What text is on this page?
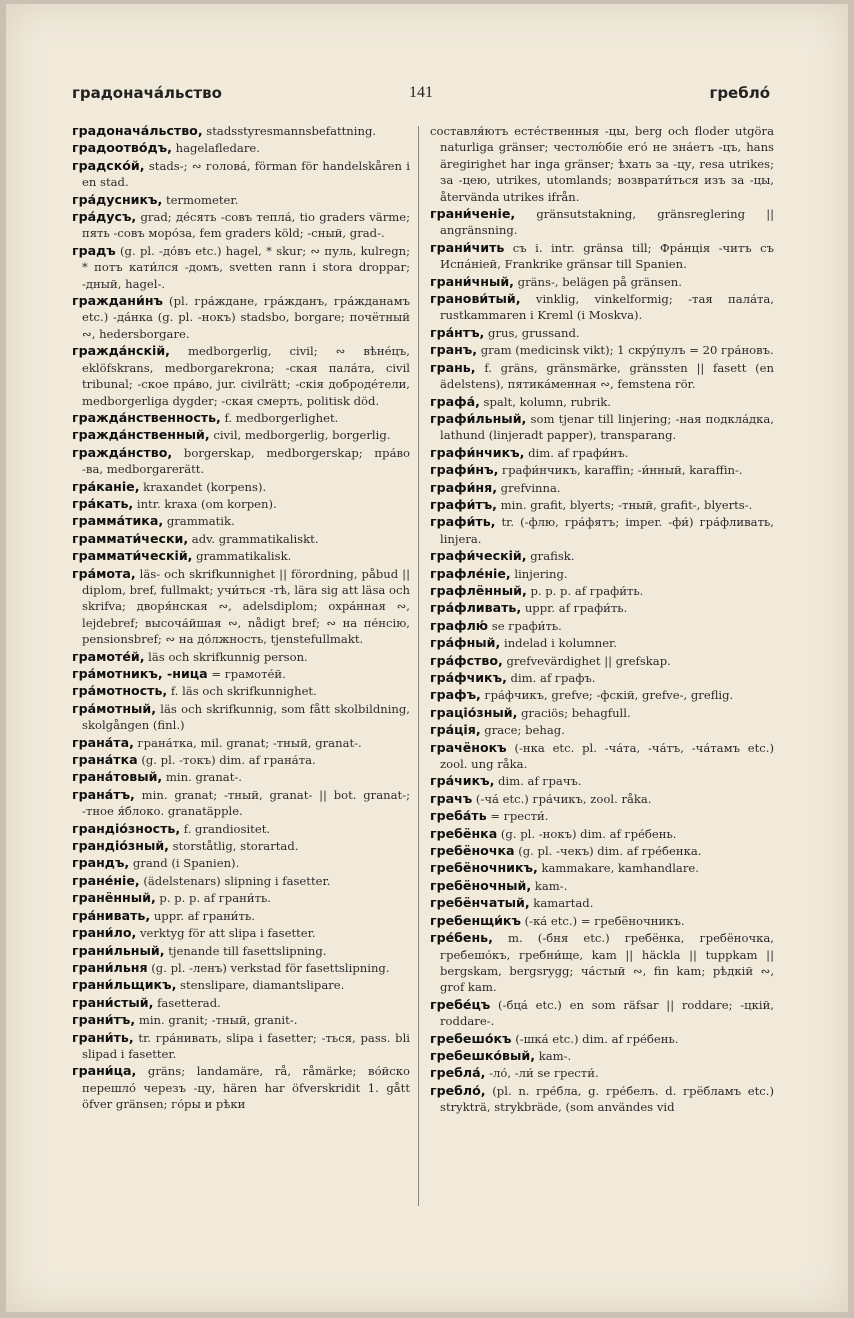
градонача́льство	141	гребло́
градонача́льство, stadsstyresmannsbefattning.
градоотво́дъ, hagelafledare.
градско́й, stads-; ∾ голова́, förman för handelskåren i en stad.
гра́дусникъ, termometer.
гра́дусъ, grad; де́сять -совъ тепла́, tio graders värme; пять -совъ моро́за, fem graders köld; -сный, grad-.
градъ (g. pl. -до́въ etc.) hagel, * skur; ∾ пуль, kulregn; * потъ кати́лся -домъ, svetten rann i stora droppar; -дный, hagel-.
граждани́нъ (pl. гра́ждане, гра́жданъ, гра́жданамъ etc.) -да́нка (g. pl. -нокъ) stadsbo, borgare; почётный ∾, hedersborgare.
гражда́нскій, medborgerlig, civil; ∾ вѣне́цъ, eklöfskrans, medborgarekrona; -ская пала́та, civil tribunal; -ское пра́во, jur. civilrätt; -скія доброде́тели, medborgerliga dygder; -ская смерть, politisk död.
гражда́нственность, f. medborgerlighet.
гражда́нственный, civil, medborgerlig, borgerlig.
гражда́нство, borgerskap, medborgerskap; пра́во -ва, medborgarerätt.
гра́каніе, kraxandet (korpens).
гра́кать, intr. kraxa (om korpen).
грамма́тика, grammatik.
граммати́чески, adv. grammatikaliskt.
граммати́ческій, grammatikalisk.
гра́мота, läs- och skrifkunnighet || förordning, påbud || diplom, bref, fullmakt; учи́ться -тѣ, lära sig att läsa och skrifva; дворя́нская ∾, adelsdiplom; охра́нная ∾, lejdebref; высоча́йшая ∾, nådigt bref; ∾ на пе́нсію, pensionsbref; ∾ на до́лжность, tjenstefullmakt.
грамоте́й, läs och skrifkunnig person.
гра́мотникъ, -ница = грамоте́й.
гра́мотность, f. läs och skrifkunnighet.
гра́мотный, läs och skrifkunnig, som fått skolbildning, skolgången (finl.)
грана́та, грана́тка, mil. granat; -тный, granat-.
грана́тка (g. pl. -токъ) dim. af грана́та.
грана́товый, min. granat-.
грана́тъ, min. granat; -тный, granat- || bot. granat-; -тное я́блоко. granatäpple.
грандіо́зность, f. grandiositet.
грандіо́зный, storståtlig, storartad.
грандъ, grand (i Spanien).
гране́ніе, (ädelstenars) slipning i fasetter.
гранённый, p. p. p. af грани́ть.
гра́нивать, uppr. af грани́ть.
грани́ло, verktyg för att slipa i fasetter.
грани́льный, tjenande till fasettslipning.
грани́льня (g. pl. -ленъ) verkstad för fasettslipning.
грани́льщикъ, stenslipare, diamantslipare.
грани́стый, fasetterad.
грани́тъ, min. granit; -тный, granit-.
грани́ть, tr. гра́нивать, slipa i fasetter; -ться, pass. bli slipad i fasetter.
грани́ца, gräns; landamäre, rå, råmärke; во́йско перешло́ черезъ -цу, hären har öfverskridit 1. gått öfver gränsen; го́ры и рѣки
составля́ютъ есте́ственныя -цы, berg och floder utgöra naturliga gränser; честолю́біе его́ не зна́етъ -цъ, hans äregirighet har inga gränser; ѣхать за -цу, resa utrikes; за -цею, utrikes, utomlands; возврати́ться изъ за -цы, återvända utrikes ifrån.
грани́ченіе, gränsutstakning, gränsreglering || angränsning.
грани́чить съ i. intr. gränsa till; Фра́нція -читъ съ Испа́ніей, Frankrike gränsar till Spanien.
грани́чный, gräns-, belägen på gränsen.
гранови́тый, vinklig, vinkelformig; -тая пала́та, rustkammaren i Kreml (i Moskva).
гра́нтъ, grus, grussand.
гранъ, gram (medicinsk vikt); 1 скру́пулъ = 20 гра́новъ.
грань, f. gräns, gränsmärke, gränssten || fasett (en ädelstens), пятика́менная ∾, femstena rör.
графа́, spalt, kolumn, rubrik.
графи́льный, som tjenar till linjering; -ная подкла́дка, lathund (linjeradt papper), transparang.
графи́нчикъ, dim. af графи́нъ.
графи́нъ, графи́нчикъ, karaffin; -и́нный, karaffin-.
графи́ня, grefvinna.
графи́тъ, min. grafit, blyerts; -тный, grafit-, blyerts-.
графи́ть, tr. (-флю, гра́фятъ; imper. -фи́) гра́фливать, linjera.
графи́ческій, grafisk.
графле́ніе, linjering.
графлённый, p. p. p. af графи́ть.
гра́фливать, uppr. af графи́ть.
графлю́ se графи́ть.
гра́фный, indelad i kolumner.
гра́фство, grefvevärdighet || grefskap.
гра́фчикъ, dim. af графъ.
графъ, гра́фчикъ, grefve; -фскій, grefve-, greflig.
граціо́зный, graciös; behagfull.
гра́ція, grace; behag.
грачёнокъ (-нка etc. pl. -ча́та, -ча́тъ, -ча́тамъ etc.) zool. ung råka.
гра́чикъ, dim. af грачъ.
грачъ (-ча́ etc.) гра́чикъ, zool. råka.
греба́ть = грести́.
гребёнка (g. pl. -нокъ) dim. af гре́бень.
гребёночка (g. pl. -чекъ) dim. af гре́бенка.
гребёночникъ, kammakare, kamhandlare.
гребёночный, kam-.
гребёнчатый, kamartad.
гребенщи́къ (-ка́ etc.) = гребёночникъ.
гре́бень, m. (-бня etc.) гребёнка, гребёночка, гребешо́къ, гребни́ще, kam || häckla || tuppkam || bergskam, bergsrygg; ча́стый ∾, fin kam; рѣдкій ∾, grof kam.
гребе́цъ (-бца́ etc.) en som räfsar || roddare; -цкій, roddare-.
гребешо́къ (-шка́ etc.) dim. af гре́бень.
гребешко́вый, kam-.
гребла́, -ло́, -ли́ se грести́.
гребло́, (pl. n. гре́бла, g. гре́белъ. d. грёбламъ etc.) strykträ, strykbräde, (som användes vid
